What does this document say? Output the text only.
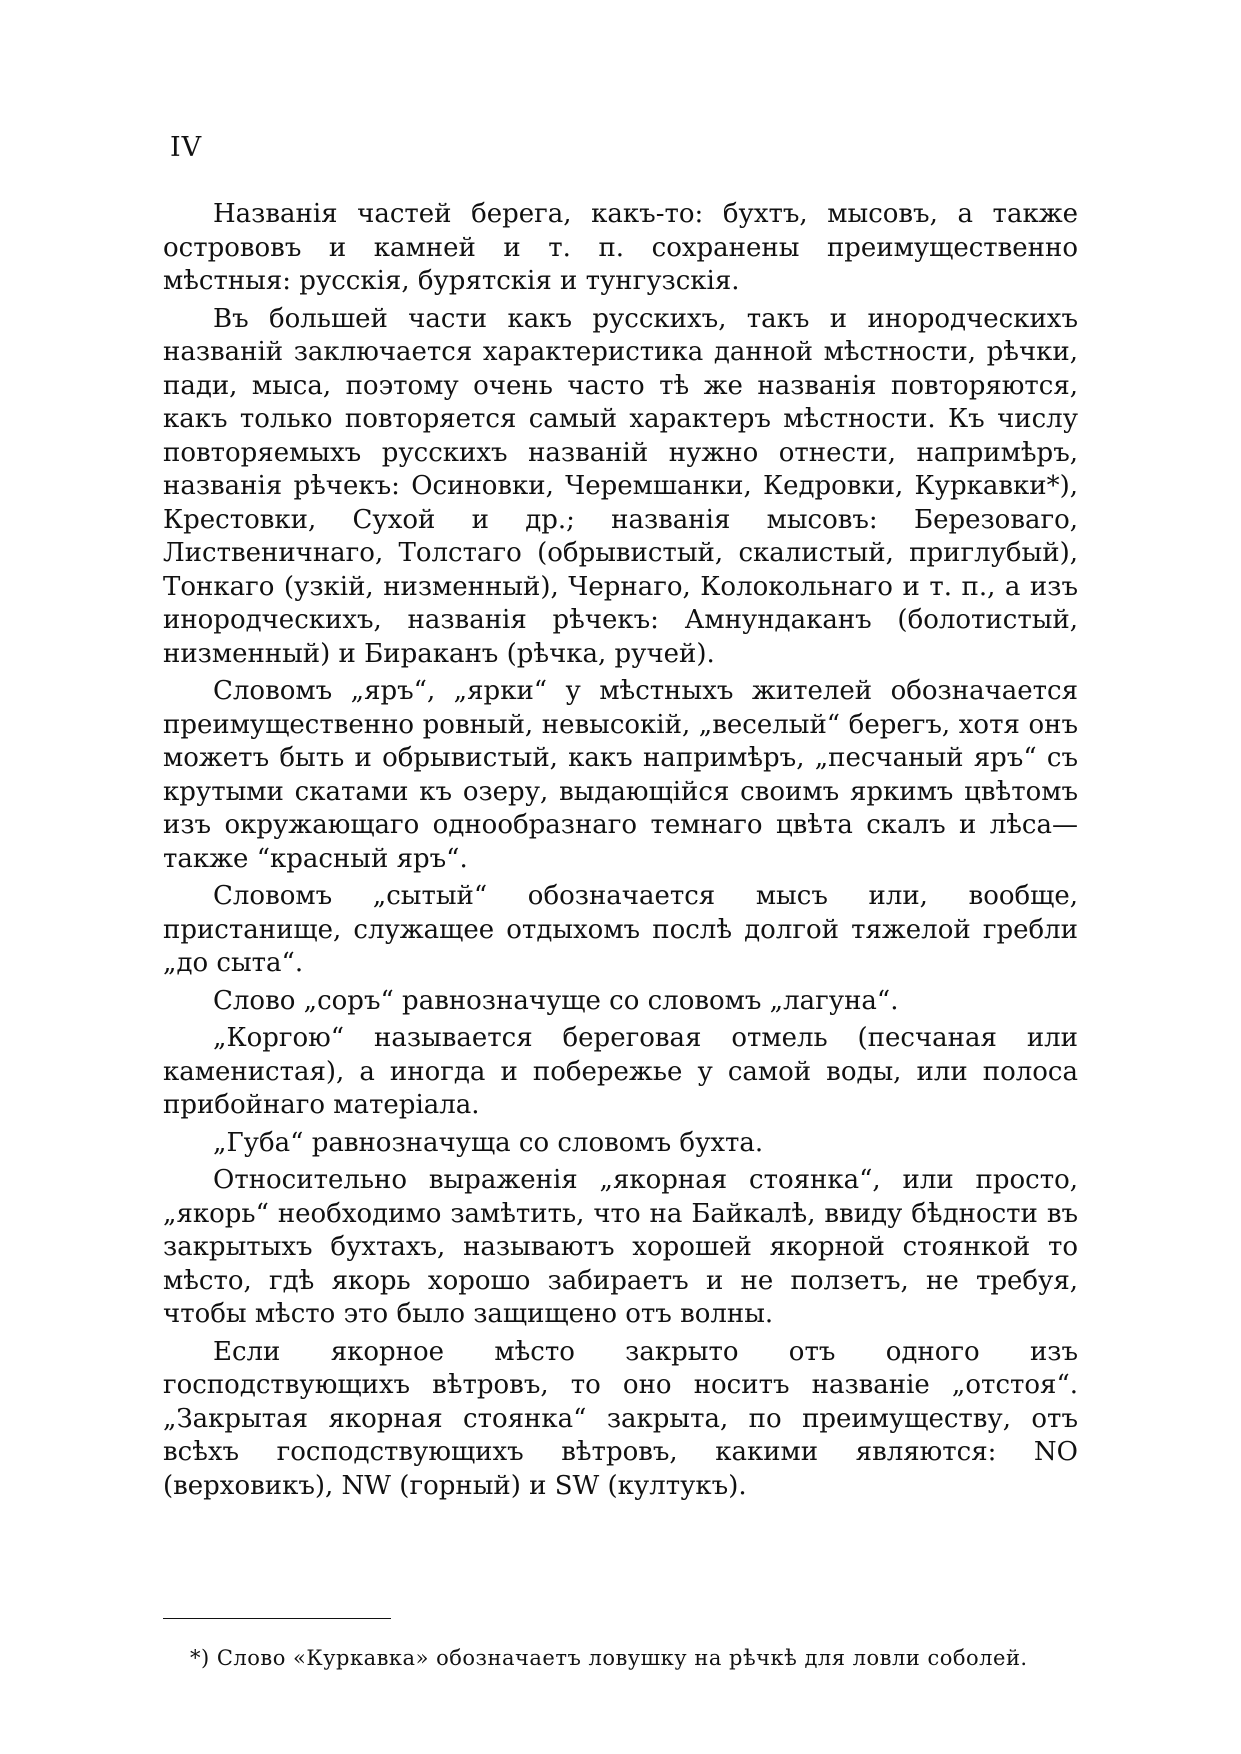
IV

Названія частей берега, какъ-то: бухтъ, мысовъ, а также острововъ и камней и т. п. сохранены преимущественно мѣстныя: русскія, бурятскія и тунгузскія.

Въ большей части какъ русскихъ, такъ и инородческихъ названій заключается характеристика данной мѣстности, рѣчки, пади, мыса, поэтому очень часто тѣ же названія повторяются, какъ только повторяется самый характеръ мѣстности. Къ числу повторяемыхъ русскихъ названій нужно отнести, напримѣръ, названія рѣчекъ: Осиновки, Черемшанки, Кедровки, Куркавки*), Крестовки, Сухой и др.; названія мысовъ: Березоваго, Лиственичнаго, Толстаго (обрывистый, скалистый, приглубый), Тонкаго (узкій, низменный), Чернаго, Колокольнаго и т. п., а изъ инородческихъ, названія рѣчекъ: Амнундаканъ (болотистый, низменный) и Бираканъ (рѣчка, ручей).

Словомъ „яръ“, „ярки“ у мѣстныхъ жителей обозначается преимущественно ровный, невысокій, „веселый“ берегъ, хотя онъ можетъ быть и обрывистый, какъ напримѣръ, „песчаный яръ“ съ крутыми скатами къ озеру, выдающійся своимъ яркимъ цвѣтомъ изъ окружающаго однообразнаго темнаго цвѣта скалъ и лѣса—также “красный яръ“.

Словомъ „сытый“ обозначается мысъ или, вообще, пристанище, служащее отдыхомъ послѣ долгой тяжелой гребли „до сыта“.

Слово „соръ“ равнозначуще со словомъ „лагуна“.

„Коргою“ называется береговая отмель (песчаная или каменистая), а иногда и побережье у самой воды, или полоса прибойнаго матеріала.

„Губа“ равнозначуща со словомъ бухта.

Относительно выраженія „якорная стоянка“, или просто, „якорь“ необходимо замѣтить, что на Байкалѣ, ввиду бѣдности въ закрытыхъ бухтахъ, называютъ хорошей якорной стоянкой то мѣсто, гдѣ якорь хорошо забираетъ и не ползетъ, не требуя, чтобы мѣсто это было защищено отъ волны.

Если якорное мѣсто закрыто отъ одного изъ господствующихъ вѣтровъ, то оно носитъ названіе „отстоя“. „Закрытая якорная стоянка“ закрыта, по преимуществу, отъ всѣхъ господствующихъ вѣтровъ, какими являются: NO (верховикъ), NW (горный) и SW (култукъ).

*) Слово «Куркавка» обозначаетъ ловушку на рѣчкѣ для ловли соболей.
